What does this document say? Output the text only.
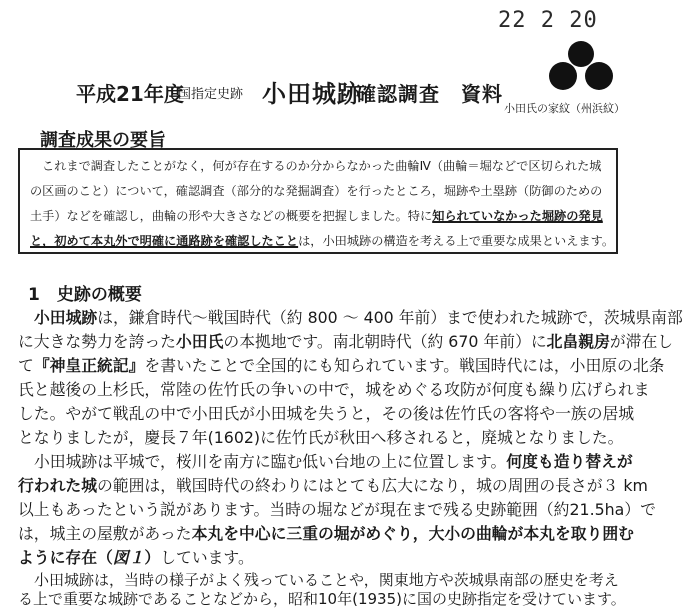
22 2 20
小田氏の家紋（州浜紋）
平成21年度
国指定史跡 小田城跡
確認調査　資料
調査成果の要旨
これまで調査したことがなく，何が存在するのか分からなかった曲輪Ⅳ（曲輪＝堀などで区切られた城
の区画のこと）について，確認調査（部分的な発掘調査）を行ったところ，堀跡や土塁跡（防御のための
土手）などを確認し，曲輪の形や大きさなどの概要を把握しました。特に知られていなかった堀跡の発見
と，初めて本丸外で明確に通路跡を確認したことは，小田城跡の構造を考える上で重要な成果といえます。
1　史跡の概要
小田城跡は，鎌倉時代～戦国時代（約 800 ～ 400 年前）まで使われた城跡で，茨城県南部
に大きな勢力を誇った小田氏の本拠地です。南北朝時代（約 670 年前）に北畠親房が滞在し
て『神皇正統記』を書いたことで全国的にも知られています。戦国時代には，小田原の北条
氏と越後の上杉氏，常陸の佐竹氏の争いの中で，城をめぐる攻防が何度も繰り広げられま
した。やがて戦乱の中で小田氏が小田城を失うと，その後は佐竹氏の客将や一族の居城
となりましたが，慶長７年(1602)に佐竹氏が秋田へ移されると，廃城となりました。
小田城跡は平城で，桜川を南方に臨む低い台地の上に位置します。何度も造り替えが
行われた城の範囲は，戦国時代の終わりにはとても広大になり，城の周囲の長さが３ km
以上もあったという説があります。当時の堀などが現在まで残る史跡範囲（約21.5ha）で
は，城主の屋敷があった本丸を中心に三重の堀がめぐり，大小の曲輪が本丸を取り囲む
ように存在（図１）しています。
小田城跡は，当時の様子がよく残っていることや，関東地方や茨城県南部の歴史を考え
る上で重要な城跡であることなどから，昭和10年(1935)に国の史跡指定を受けています。
